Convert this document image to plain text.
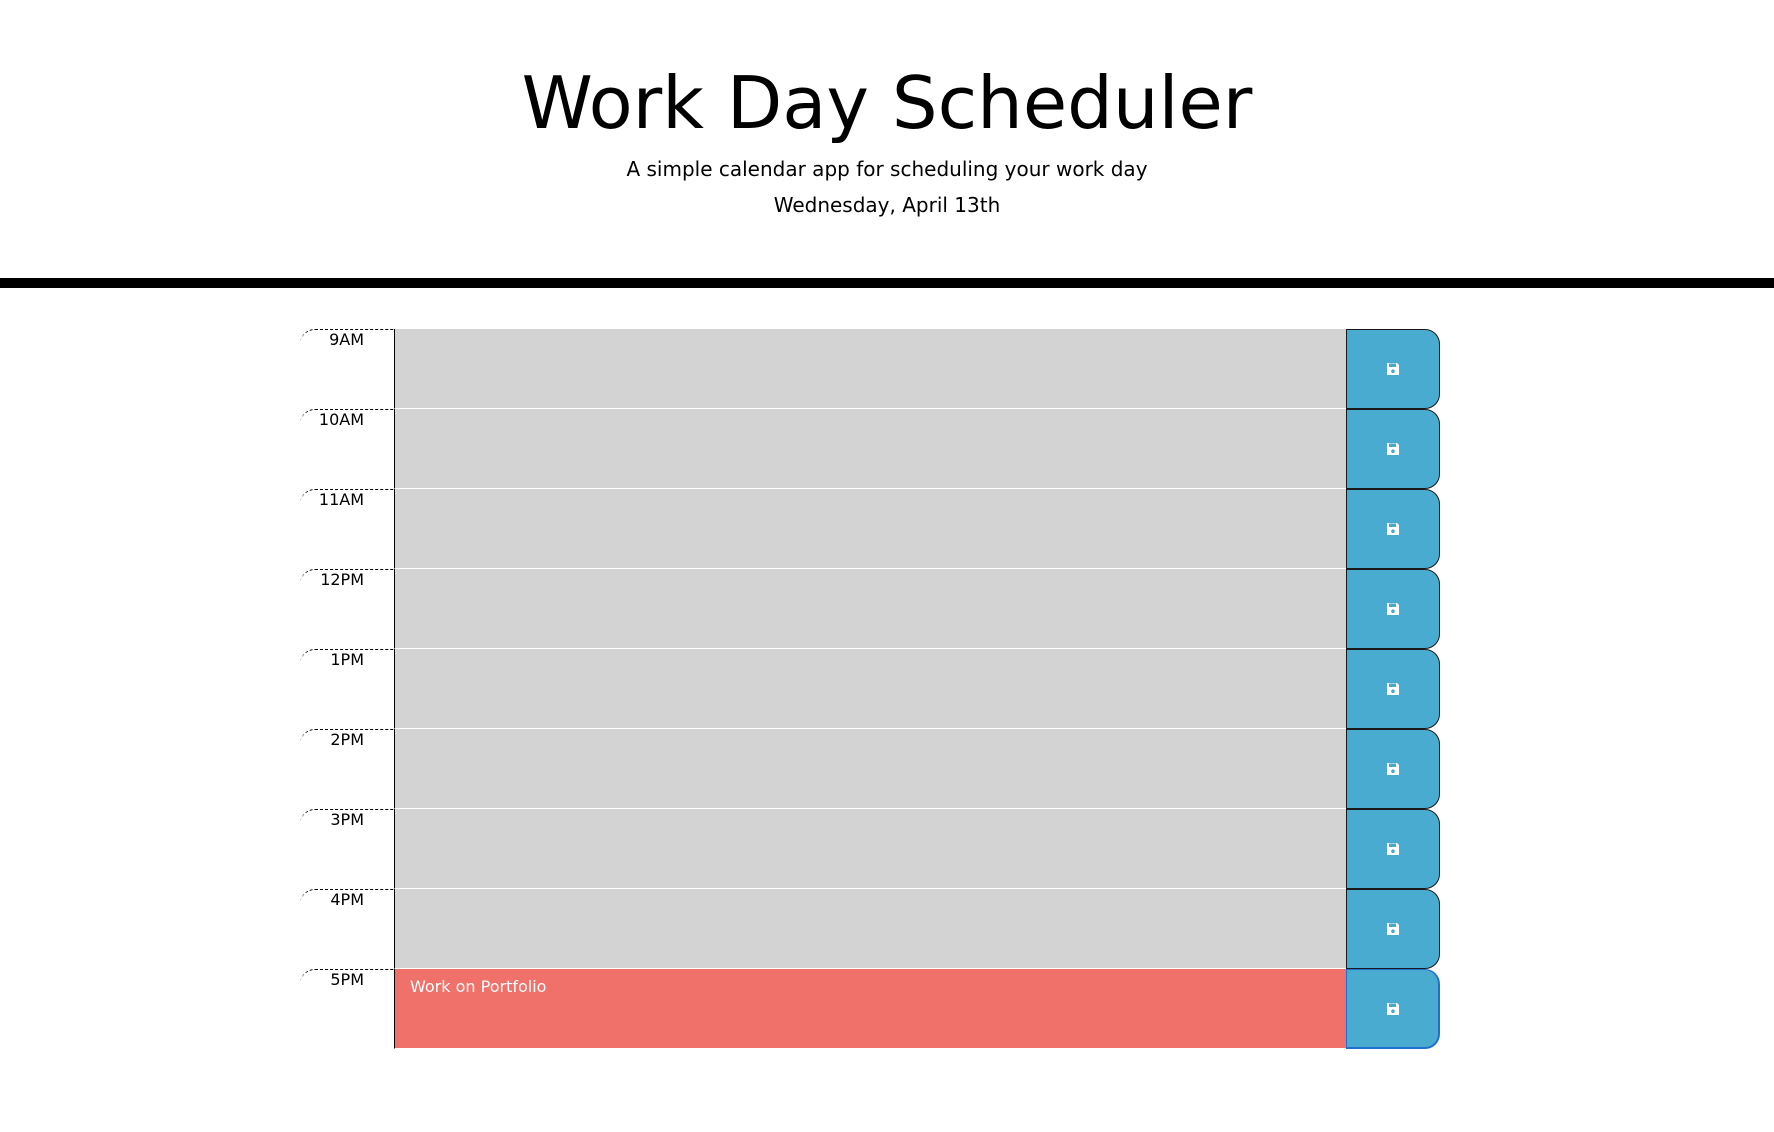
Work Day Scheduler

A simple calendar app for scheduling your work day

Wednesday, April 13th

9AM
10AM
11AM
12PM
1PM
2PM
3PM
4PM
5PM
Work on Portfolio
